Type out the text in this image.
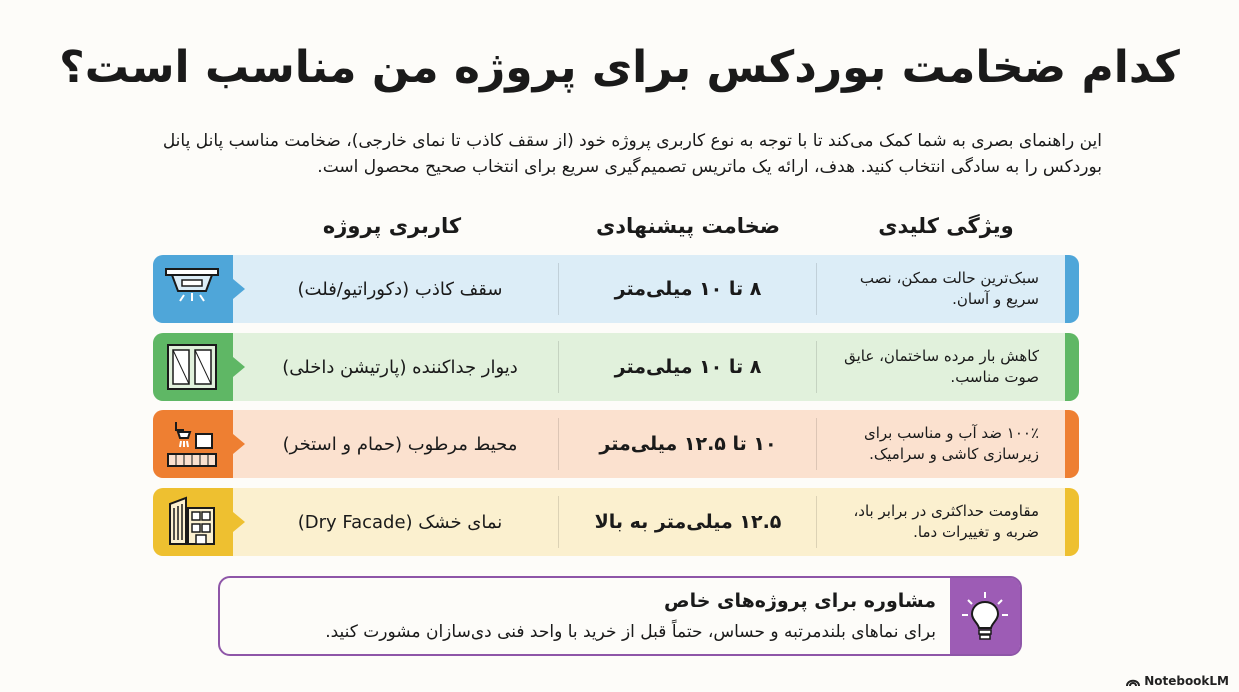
کدام ضخامت بوردکس برای پروژه من مناسب است؟
این راهنمای بصری به شما کمک می‌کند تا با توجه به نوع کاربری پروژه خود (از سقف کاذب تا نمای خارجی)، ضخامت مناسب پانل پانل بوردکس را به سادگی انتخاب کنید. هدف، ارائه یک ماتریس تصمیم‌گیری سریع برای انتخاب صحیح محصول است.
ویژگی کلیدی
ضخامت پیشنهادی
کاربری پروژه
سبک‌ترین حالت ممکن، نصب سریع و آسان.
۸ تا ۱۰ میلی‌متر
سقف کاذب (دکوراتیو/فلت)
کاهش بار مرده ساختمان، عایق صوت مناسب.
۸ تا ۱۰ میلی‌متر
دیوار جداکننده (پارتیشن داخلی)
۱۰۰٪ ضد آب و مناسب برای زیرسازی کاشی و سرامیک.
۱۰ تا ۱۲.۵ میلی‌متر
محیط مرطوب (حمام و استخر)
مقاومت حداکثری در برابر باد، ضربه و تغییرات دما.
۱۲.۵ میلی‌متر به بالا
نمای خشک (Dry Facade)
مشاوره برای پروژه‌های خاص
برای نماهای بلندمرتبه و حساس، حتماً قبل از خرید با واحد فنی دی‌سازان مشورت کنید.
NotebookLM
